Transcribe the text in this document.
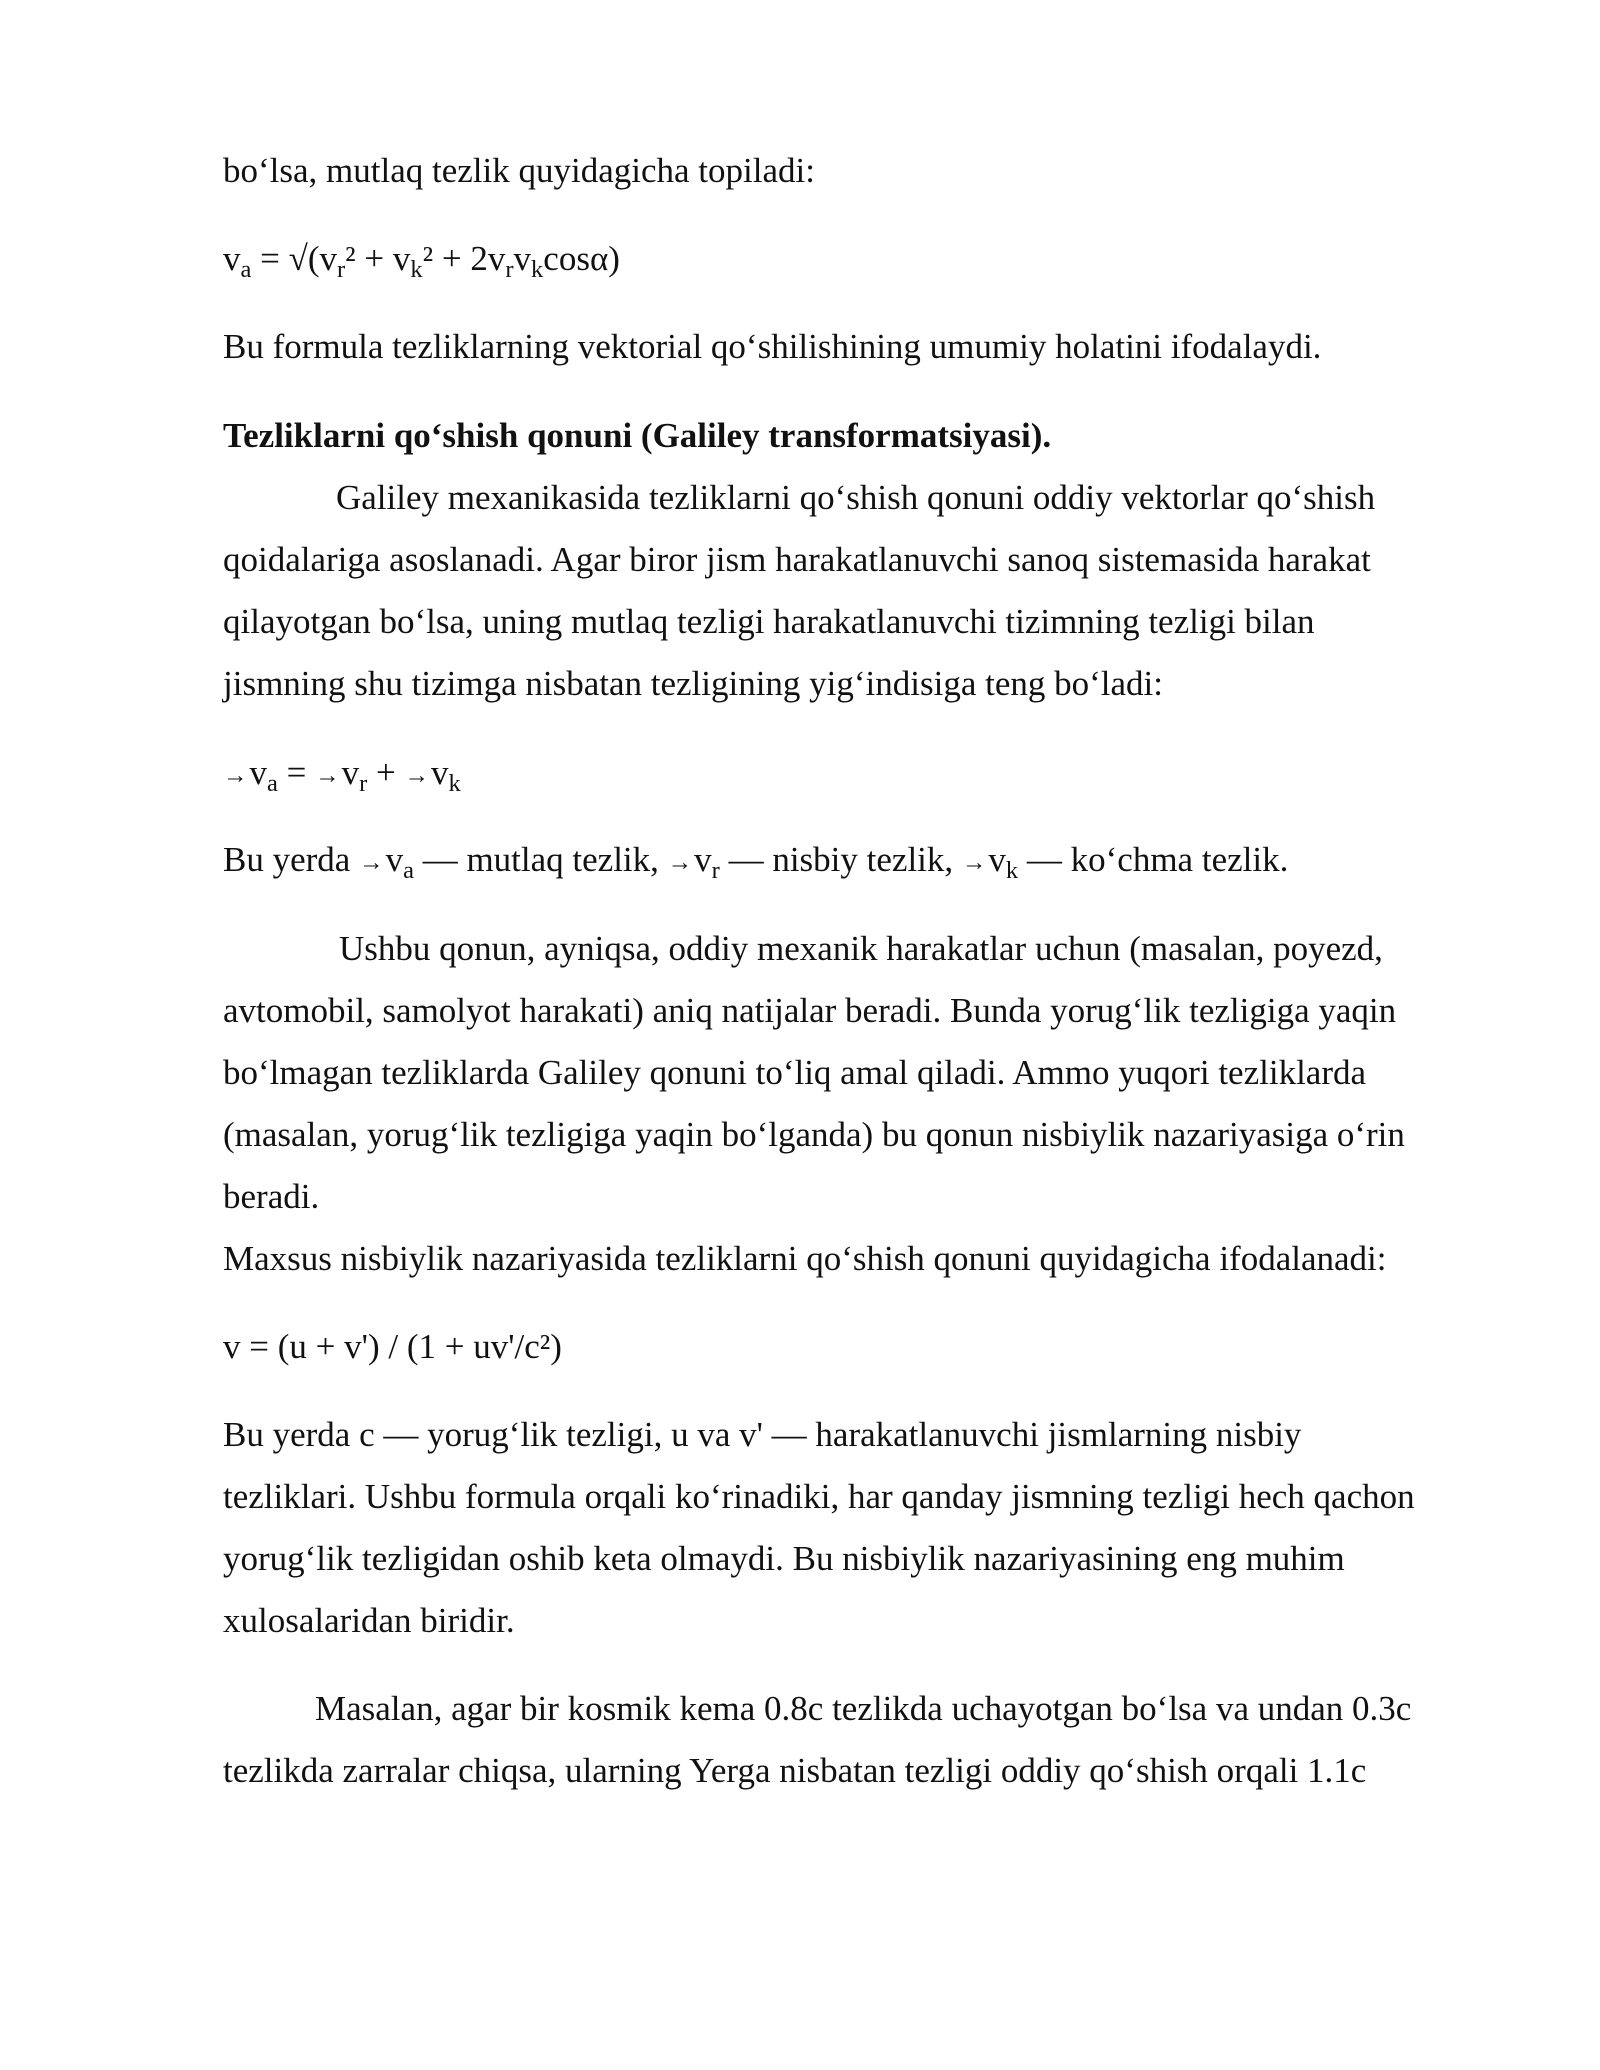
bo‘lsa, mutlaq tezlik quyidagicha topiladi:
$v_a = √(v_r^2 + v_k^2 + 2v_rv_k\cos\alpha)$
Bu formula tezliklarning vektorial qo‘shilishining umumiy holatini ifodalaydi.
Tezliklarni qo‘shish qonuni (Galiley transformatsiyasi).
Galiley mexanikasida tezliklarni qo‘shish qonuni oddiy vektorlar qo‘shish
qoidalariga asoslanadi. Agar biror jism harakatlanuvchi sanoq sistemasida harakat
qilayotgan bo‘lsa, uning mutlaq tezligi harakatlanuvchi tizimning tezligi bilan
jismning shu tizimga nisbatan tezligining yig‘indisiga teng bo‘ladi:
$\to v_a = \to v_r + \to v_k$
Bu yerda $\to v_a$ — mutlaq tezlik, $\to v_r$ — nisbiy tezlik, $\to v_k$ — ko‘chma tezlik.
Ushbu qonun, ayniqsa, oddiy mexanik harakatlar uchun (masalan, poyezd,
avtomobil, samolyot harakati) aniq natijalar beradi. Bunda yorug‘lik tezligiga yaqin
bo‘lmagan tezliklarda Galiley qonuni to‘liq amal qiladi. Ammo yuqori tezliklarda
(masalan, yorug‘lik tezligiga yaqin bo‘lganda) bu qonun nisbiylik nazariyasiga o‘rin
beradi.
Maxsus nisbiylik nazariyasida tezliklarni qo‘shish qonuni quyidagicha ifodalanadi:
v = (u + v') / (1 + uv'/c²)
Bu yerda c — yorug‘lik tezligi, u va v' — harakatlanuvchi jismlarning nisbiy
tezliklari. Ushbu formula orqali ko‘rinadiki, har qanday jismning tezligi hech qachon
yorug‘lik tezligidan oshib keta olmaydi. Bu nisbiylik nazariyasining eng muhim
xulosalaridan biridir.
Masalan, agar bir kosmik kema 0.8c tezlikda uchayotgan bo‘lsa va undan 0.3c
tezlikda zarralar chiqsa, ularning Yerga nisbatan tezligi oddiy qo‘shish orqali 1.1c
